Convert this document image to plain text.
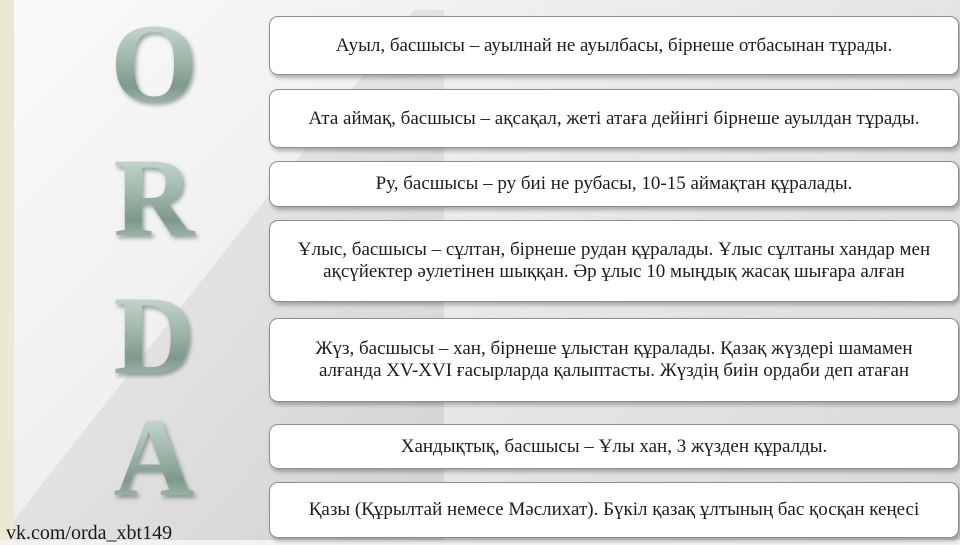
O
R
D
A
Ауыл, басшысы – ауылнай не ауылбасы, бірнеше отбасынан тұрады.
Ата аймақ, басшысы – ақсақал, жеті атаға дейінгі бірнеше ауылдан тұрады.
Ру, басшысы – ру биі не рубасы, 10-15 аймақтан құралады.
Ұлыс, басшысы – сұлтан, бірнеше рудан құралады. Ұлыс сұлтаны хандар мен ақсүйектер әулетінен шыққан. Әр ұлыс 10 мыңдық жасақ шығара алған
Жүз, басшысы – хан, бірнеше ұлыстан құралады. Қазақ жүздері шамамен алғанда XV-XVI ғасырларда қалыптасты. Жүздің биін ордаби деп атаған
Хандықтық, басшысы – Ұлы хан, 3 жүзден құралды.
Қазы (Құрылтай немесе Мәслихат). Бүкіл қазақ ұлтының бас қосқан кеңесі
vk.com/orda_xbt149
